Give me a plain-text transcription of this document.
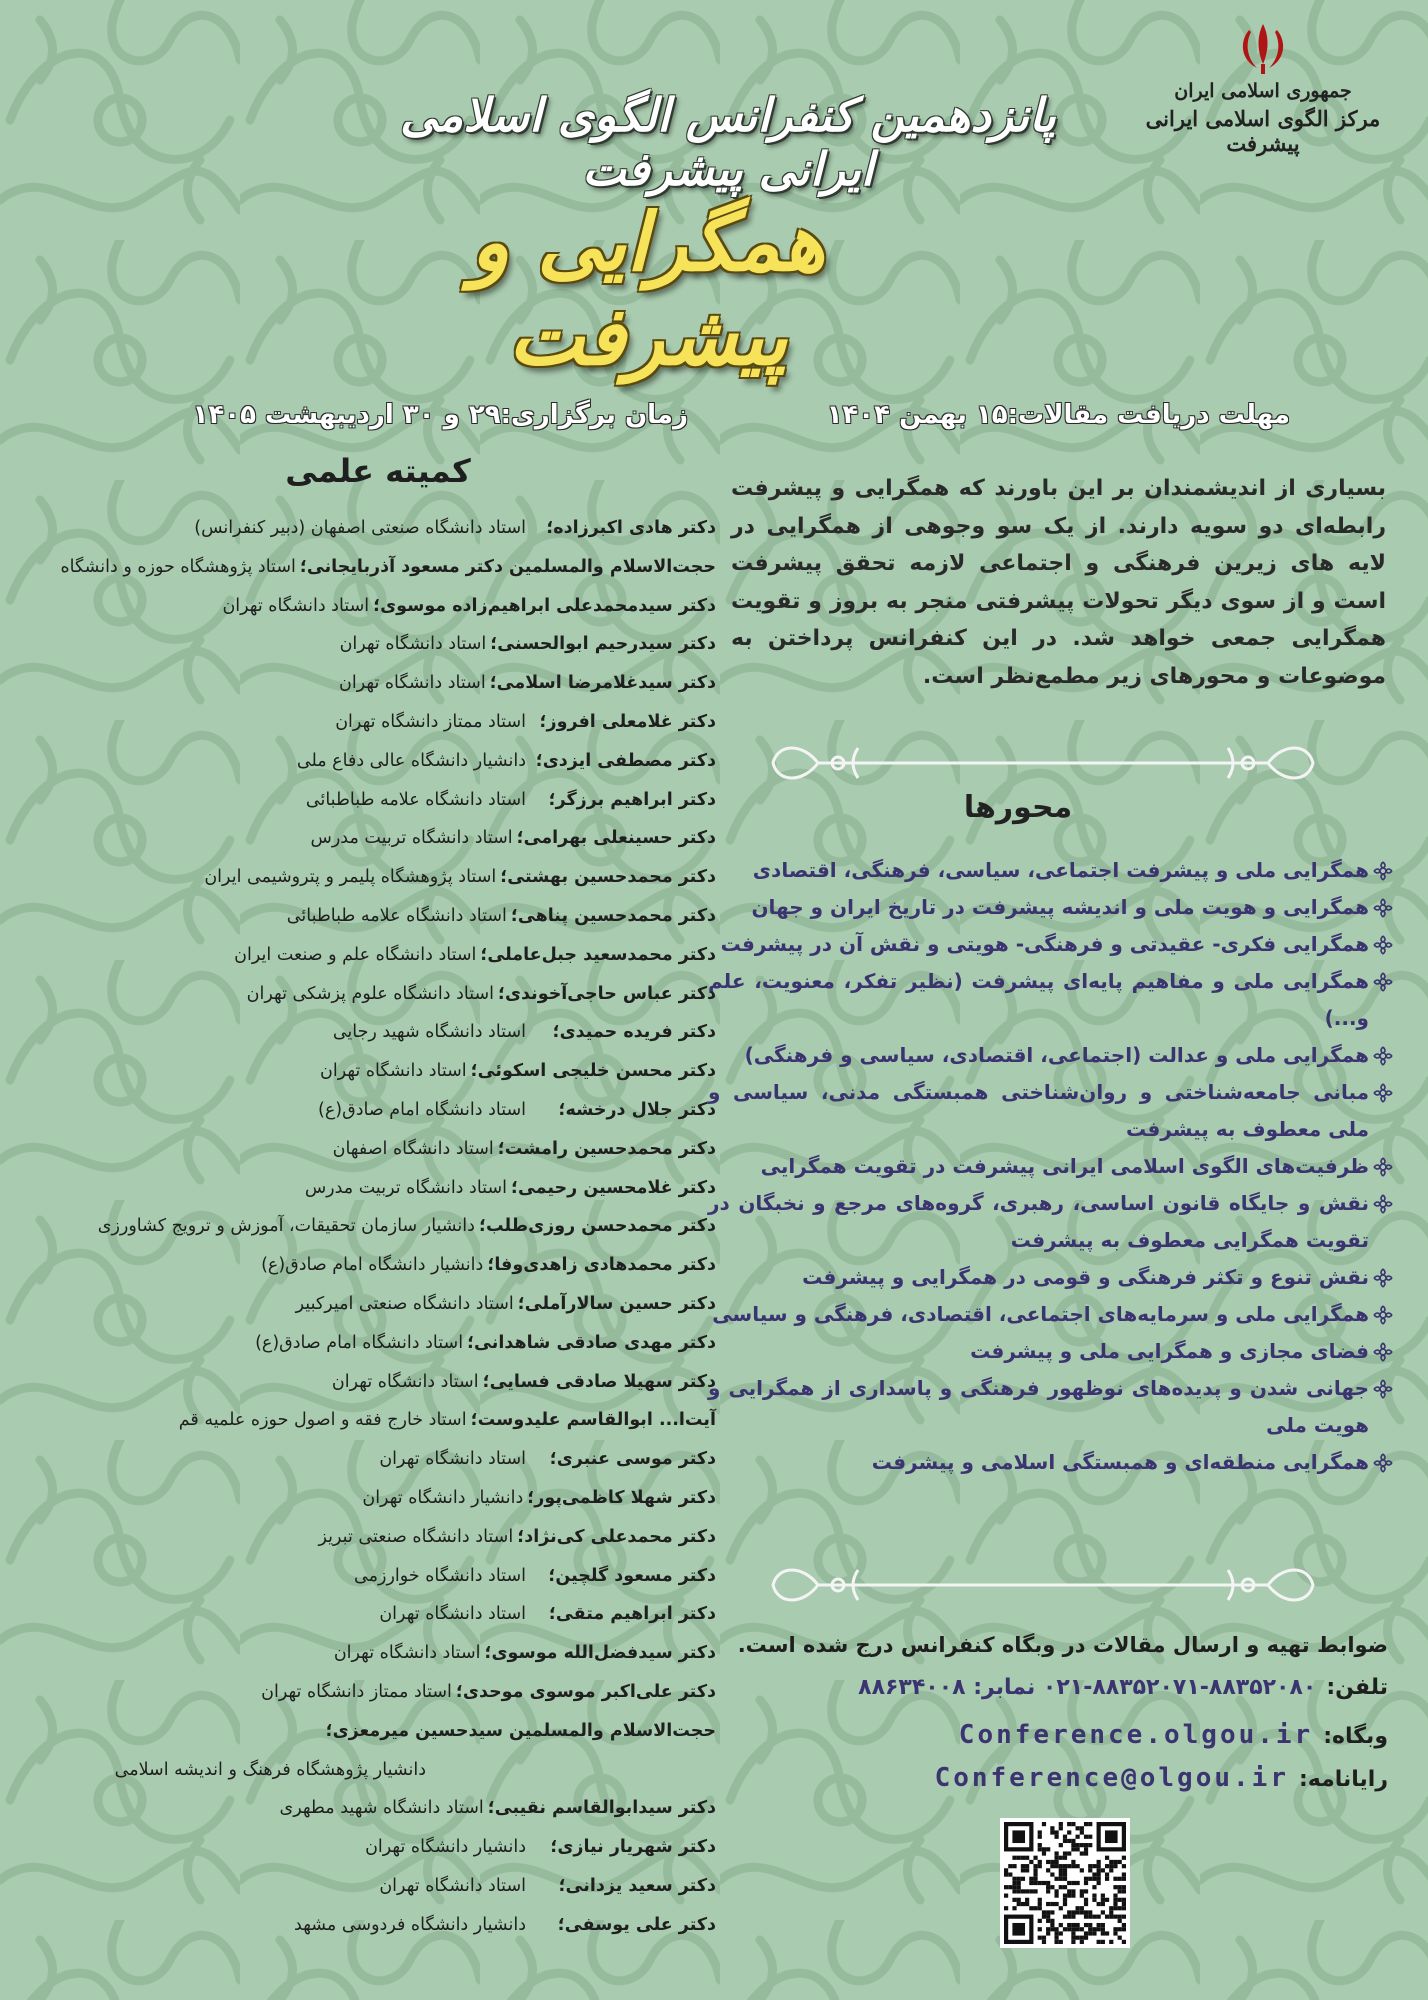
جمهوری اسلامی ایران
مرکز الگوی اسلامی ایرانی پیشرفت
پانزدهمین کنفرانس الگوی اسلامی ایرانی پیشرفت
همگرایی و پیشرفت
مهلت دریافت مقالات:۱۵ بهمن ۱۴۰۴
زمان برگزاری:۲۹ و ۳۰ اردیبهشت ۱۴۰۵
بسیاری از اندیشمندان بر این باورند که همگرایی و پیشرفت رابطه‌ای دو سویه دارند. از یک سو وجوهی از همگرایی در لایه های زیرین فرهنگی و اجتماعی لازمه تحقق پیشرفت است و از سوی دیگر تحولات پیشرفتی منجر به بروز و تقویت همگرایی جمعی خواهد شد. در این کنفرانس پرداختن به موضوعات و محورهای زیر مطمع‌نظر است.
محورها
همگرایی ملی و پیشرفت اجتماعی، سیاسی، فرهنگی، اقتصادی
همگرایی و هویت ملی و اندیشه پیشرفت در تاریخ ایران و جهان
همگرایی فکری- عقیدتی و فرهنگی- هویتی و نقش آن در پیشرفت
همگرایی ملی و مفاهیم پایه‌ای پیشرفت (نظیر تفکر، معنویت، علم و...)
همگرایی ملی و عدالت (اجتماعی، اقتصادی، سیاسی و فرهنگی)
مبانی جامعه‌شناختی و روان‌شناختی همبستگی مدنی، سیاسی و ملی معطوف به پیشرفت
ظرفیت‌های الگوی اسلامی ایرانی پیشرفت در تقویت همگرایی
نقش و جایگاه قانون اساسی، رهبری، گروه‌های مرجع و نخبگان در تقویت همگرایی معطوف به پیشرفت
نقش تنوع و تکثر فرهنگی و قومی در همگرایی و پیشرفت
همگرایی ملی و سرمایه‌های اجتماعی، اقتصادی، فرهنگی و سیاسی
فضای مجازی و همگرایی ملی و پیشرفت
جهانی شدن و پدیده‌های نوظهور فرهنگی و پاسداری از همگرایی و هویت ملی
همگرایی منطقه‌ای و همبستگی اسلامی و پیشرفت
ضوابط تهیه و ارسال مقالات در وبگاه کنفرانس درج شده است.
تلفن:۸۸۳۵۲۰۸۰-۸۸۳۵۲۰۷۱-۰۲۱ نمابر: ۸۸۶۳۴۰۰۸
وبگاه:Conference.olgou.ir
رایانامه:Conference@olgou.ir
کمیته علمی
دکتر هادی اکبرزاده؛
استاد دانشگاه صنعتی اصفهان (دبیر کنفرانس)
حجت‌الاسلام والمسلمین دکتر مسعود آذربایجانی؛
استاد پژوهشگاه حوزه و دانشگاه
دکتر سیدمحمدعلی ابراهیم‌زاده موسوی؛
استاد دانشگاه تهران
دکتر سیدرحیم ابوالحسنی؛
استاد دانشگاه تهران
دکتر سیدغلامرضا اسلامی؛
استاد دانشگاه تهران
دکتر غلامعلی افروز؛
استاد ممتاز دانشگاه تهران
دکتر مصطفی ایزدی؛
دانشیار دانشگاه عالی دفاع ملی
دکتر ابراهیم برزگر؛
استاد دانشگاه علامه طباطبائی
دکتر حسینعلی بهرامی؛
استاد دانشگاه تربیت مدرس
دکتر محمدحسین بهشتی؛
استاد پژوهشگاه پلیمر و پتروشیمی ایران
دکتر محمدحسین پناهی؛
استاد دانشگاه علامه طباطبائی
دکتر محمدسعید جبل‌عاملی؛
استاد دانشگاه علم و صنعت ایران
دکتر عباس حاجی‌آخوندی؛
استاد دانشگاه علوم پزشکی تهران
دکتر فریده حمیدی؛
استاد دانشگاه شهید رجایی
دکتر محسن خلیجی اسکوئی؛
استاد دانشگاه تهران
دکتر جلال درخشه؛
استاد دانشگاه امام صادق(ع)
دکتر محمدحسین رامشت؛
استاد دانشگاه اصفهان
دکتر غلامحسین رحیمی؛
استاد دانشگاه تربیت مدرس
دکتر محمدحسن روزی‌طلب؛
دانشیار سازمان تحقیقات، آموزش و ترویج کشاورزی
دکتر محمدهادی زاهدی‌وفا؛
دانشیار دانشگاه امام صادق(ع)
دکتر حسین سالارآملی؛
استاد دانشگاه صنعتی امیرکبیر
دکتر مهدی صادقی شاهدانی؛
استاد دانشگاه امام صادق(ع)
دکتر سهیلا صادقی فسایی؛
استاد دانشگاه تهران
آیت‌ا... ابوالقاسم علیدوست؛
استاد خارج فقه و اصول حوزه علمیه قم
دکتر موسی عنبری؛
استاد دانشگاه تهران
دکتر شهلا کاظمی‌پور؛
دانشیار دانشگاه تهران
دکتر محمدعلی کی‌نژاد؛
استاد دانشگاه صنعتی تبریز
دکتر مسعود گلچین؛
استاد دانشگاه خوارزمی
دکتر ابراهیم متقی؛
استاد دانشگاه تهران
دکتر سیدفضل‌الله موسوی؛
استاد دانشگاه تهران
دکتر علی‌اکبر موسوی موحدی؛
استاد ممتاز دانشگاه تهران
حجت‌الاسلام والمسلمین سیدحسین میرمعزی؛
دانشیار پژوهشگاه فرهنگ و اندیشه اسلامی
دکتر سیدابوالقاسم نقیبی؛
استاد دانشگاه شهید مطهری
دکتر شهریار نیازی؛
دانشیار دانشگاه تهران
دکتر سعید یزدانی؛
استاد دانشگاه تهران
دکتر علی یوسفی؛
دانشیار دانشگاه فردوسی مشهد
